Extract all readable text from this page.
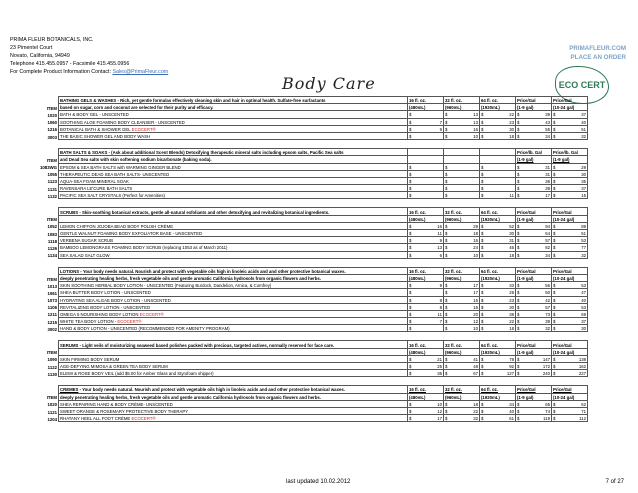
PRIMA FLEUR BOTANICALS, INC.
23 Pimentel Court
Novato, California, 94949
Telephone 415.455.0957 - Facsimile 415.455.0956
For Complete Product Information Contact: Sales@PrimaFleur.com
PRIMAFLEUR.COM
PLACE AN ORDER
Body Care	ECO CERT
	BATHING GELS & WASHES - Rich, yet gentle formulas effectively cleaning skin and hair in optimal health. Sulfate-free surfactants	16 fl. oz.	32 fl. oz.	64 fl. oz.	Price/Gal	Price/Gal
ITEM	based on sugar, corn and coconut are selected for their purity and efficacy.	(480mL)	(960mL)	(1920mL)	(1-9 gal)	(10-24 gal)
1020	BATH & BODY GEL - UNSCENTED	$	$ 13	$ 22	$ 39	$ 37

1060	SOOTHING ALOE FOAMING BODY CLEANSER - UNSCENTED	$ 7	$ 13	$ 23	$ 43	$ 40

1216	BOTANICAL BATH & SHOWER GEL ECOCERT®	$ 9	$ 16	$ 30	$ 55	$ 51

3003	THE BASIC SHOWER GEL AND BODY WASH	$	$ 10	$ 18	$ 34	$ 32

	BATH SALTS & SOAKS - (Ask about additional Scent Blends) Detoxifying therapeutic mineral salts including epsom salts, Pacific Sea salts				Price/lb. Gal	Price/lb. Gal
ITEM	and Dead Sea salts with skin softening sodium bicarbonate (baking soda).				(1-9 gal)	(1-9 gal)
1083WG	EPSOM & SEA BATH SALTS with WARMING GINGER BLEND	$	$	$	$ 31	$ 29

1055	THERAPEUTIC DEAD SEA BATH SALTS- UNSCENTED	$	$	$	$ 31	$ 30

1123	AQUA-SEA FOAM MINERAL SOAK	$	$	$	$ 36	$ 35

1131	RAVENSARA LE'CURE BATH SALTS	$	$	$	$ 39	$ 37

1132	PACIFIC SEA SALT CRYSTALS (Perfect for Amenities)	$	$	$ 11	$ 17	$ 15

	SCRUBS - Skin-soothing botanical extracts, gentle all-natural exfoliants and other detoxifying and revitalizing botanical ingredients.	16 fl. oz.	32 fl. oz.	64 fl. oz.	Price/Gal	Price/Gal
ITEM		(480mL)	(960mL)	(1920mL)	(1-9 gal)	(10-24 gal)
1052	LEMON CHIFFON JOJOBA BEAD BODY POLISH CRÈME	$ 16	$ 29	$ 52	$ 94	$ 89

1083	GENTLE WALNUT FOAMING BODY EXFOLIATOR BASE - UNSCENTED	$ 11	$ 18	$ 30	$ 54	$ 51

1118	VERBENA SUGAR SCRUB	$ 9	$ 16	$ 31	$ 57	$ 53

1126	BAMBOO LEMONGRASS FOAMING BODY SCRUB (replacing 1053 as of March 2011)	$ 13	$ 24	$ 46	$ 82	$ 77

1134	SEA SALAD SALT GLOW	$ 6	$ 10	$ 18	$ 34	$ 32

	LOTIONS - Your body needs natural. Nourish and protect with vegetable oils high in linoleic acids and and other protective botanical waxes.	16 fl. oz.	32 fl. oz.	64 fl. oz.	Price/Gal	Price/Gal
ITEM	deeply penetrating healing herbs, fresh vegetable oils and gentle aromatic California hydrosols from organic flowers and herbs.	(480mL)	(960mL)	(1920mL)	(1-9 gal)	(10-24 gal)
1013	SKIN SOOTHING HERBAL BODY LOTION - UNSCENTED (Featuring Burdock, Dandelion, Arnica, & Comfrey)	$ 9	$ 17	$ 33	$ 56	$ 53

1061	SHEA BUTTER BODY LOTION - UNSCENTED	$	$ 17	$ 29	$ 50	$ 47

1073	HYDRATING SEA ALGAE BODY LOTION - UNSCENTED	$ 8	$ 15	$ 23	$ 42	$ 40

1106	REVITALIZING BODY LOTION - UNSCENTED	$ 8	$ 16	$ 30	$ 57	$ 53

1211	OMEGA 5 NOURISHING BODY LOTION ECOCERT®	$ 11	$ 20	$ 38	$ 73	$ 69

1215	WHITE TEA BODY LOTION - ECOCERT®	$ 7	$ 12	$ 22	$ 39	$ 37

3002	HAND & BODY LOTION - UNSCENTED (RECOMMENDED FOR AMENITY PROGRAM)	$	$ 10	$ 18	$ 32	$ 30

	SERUMS - Light veils of moisturizing seaweed based polishes packed with precious, targeted actives, normally reserved for face care.	16 fl. oz.	32 fl. oz.	64 fl. oz.	Price/Gal	Price/Gal
ITEM		(480mL)	(960mL)	(1920mL)	(1-9 gal)	(10-24 gal)
1090	SKIN FIRMING BODY SERUM	$ 21	$ 41	$ 78	$ 147	$ 138

1122	AGE-DEFYING MIMOSA & GREEN TEA BODY SERUM	$ 25	$ 48	$ 92	$ 172	$ 162

1130	ELEMI & ROSE BODY VEIL (add $5.00 for Amber Glass and Styrofoam shipper)	$ 35	$ 67	$ 127	$ 240	$ 227

	CREMES - Your body needs natural. Nourish and protect with vegetable oils high in linoleic acids and and other protective botanical waxes.	16 fl. oz.	32 fl. oz.	64 fl. oz.	Price/Gal	Price/Gal
ITEM	deeply penetrating healing herbs, fresh vegetable oils and gentle aromatic California hydrosols from organic flowers and herbs.	(480mL)	(960mL)	(1920mL)	(1-9 gal)	(10-24 gal)
1020	SHEA REPAIRING HAND & BODY CRÈME- UNSCENTED	$ 10	$ 18	$ 34	$ 65	$ 62

1121	SWEET ORANGE & ROSEMARY PROTECTIVE BODY THERAPY	$ 12	$ 22	$ 40	$ 74	$ 71

1204	RHATANY HEEL ALL FOOT CRÈME ECOCERT®	$ 17	$ 32	$ 61	$ 119	$ 112
last updated 10.02.2012	7 of 27
